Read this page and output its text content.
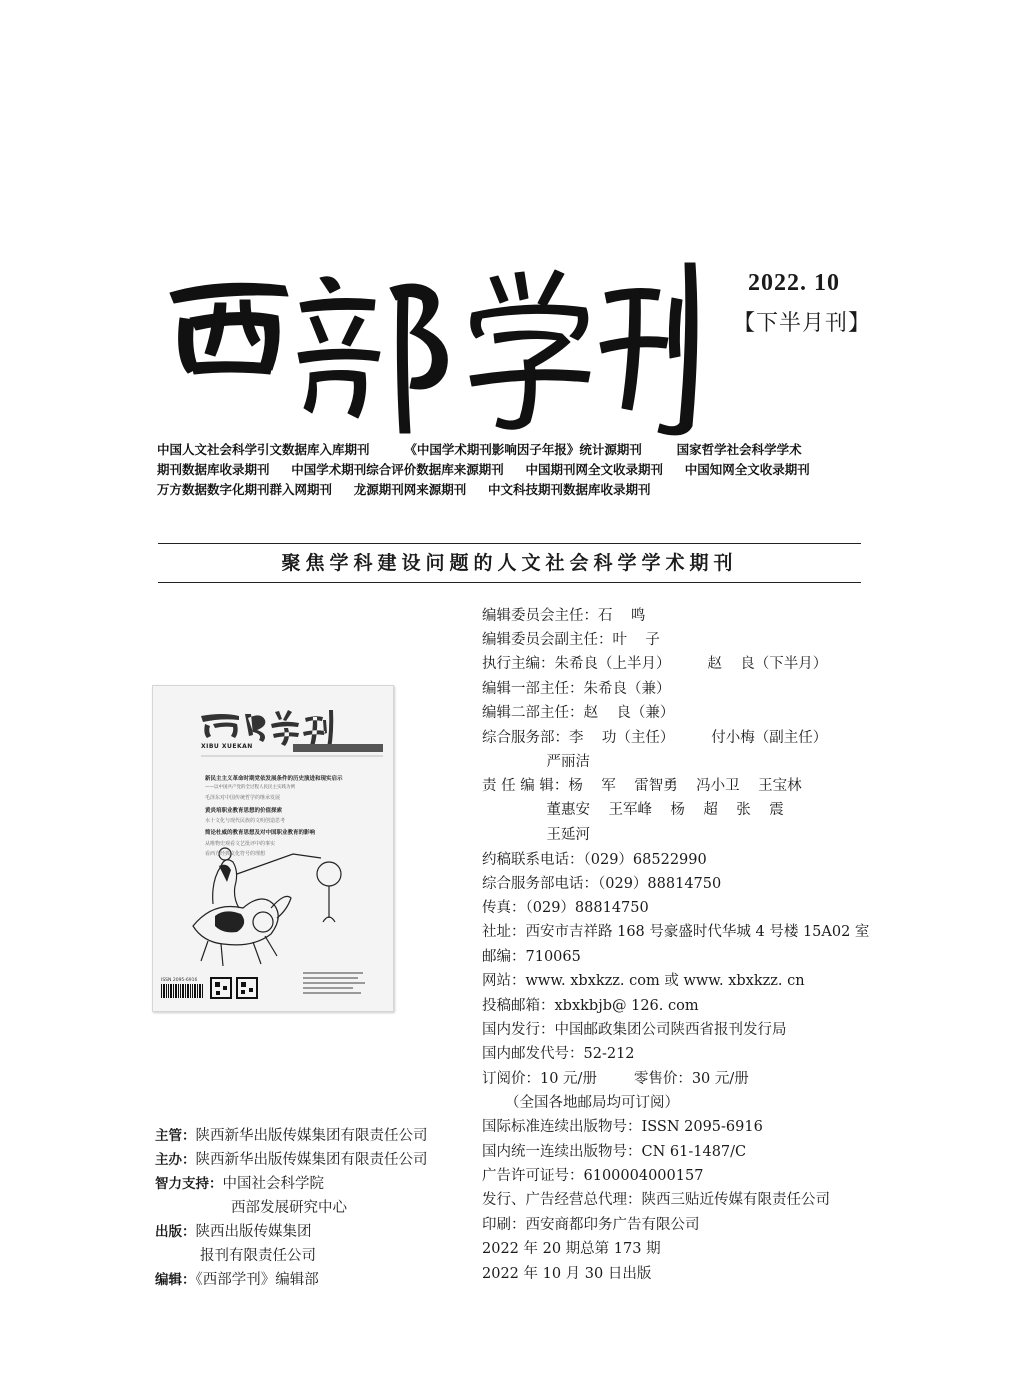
2022. 10
【下半月刊】
中国人文社会科学引文数据库入库期刊        《中国学术期刊影响因子年报》统计源期刊        国家哲学社会科学学术
期刊数据库收录期刊     中国学术期刊综合评价数据库来源期刊     中国期刊网全文收录期刊     中国知网全文收录期刊
万方数据数字化期刊群入网期刊     龙源期刊网来源期刊     中文科技期刊数据库收录期刊
聚焦学科建设问题的人文社会科学学术期刊
XIBU XUEKAN
新民主主义革命时期党依发展条件的历史演进和现实启示
——以中国共产党的全过程人民民主实践为例
毛泽东对中国传统哲学的继承发展
黄炎培职业教育思想的价值探索
水十文化与现代民族的文明创造思考
简论杜威的教育思想及对中国职业教育的影响
从唯物史观看文艺批评中的事实
看西方经典文化符号的理想
ISSN 2095-6916
编辑委员会主任：石    鸣
编辑委员会副主任：叶    子
执行主编：朱希良（上半月）        赵    良（下半月）
编辑一部主任：朱希良（兼）
编辑二部主任：赵    良（兼）
综合服务部：李    功（主任）        付小梅（副主任）
严丽洁
责 任 编 辑：杨    军    雷智勇    冯小卫    王宝林
董惠安    王军峰    杨    超    张    震
王延河
约稿联系电话：（029）68522990
综合服务部电话：（029）88814750
传真：（029）88814750
社址：西安市吉祥路 168 号豪盛时代华城 4 号楼 15A02 室
邮编：710065
网站：www. xbxkzz. com 或 www. xbxkzz. cn
投稿邮箱：xbxkbjb@ 126. com
国内发行：中国邮政集团公司陕西省报刊发行局
国内邮发代号：52-212
订阅价：10 元/册        零售价：30 元/册
（全国各地邮局均可订阅）
国际标准连续出版物号：ISSN 2095-6916
国内统一连续出版物号：CN 61-1487/C
广告许可证号：6100004000157
发行、广告经营总代理：陕西三贴近传媒有限责任公司
印刷：西安商都印务广告有限公司
2022 年 20 期总第 173 期
2022 年 10 月 30 日出版
主管：陕西新华出版传媒集团有限责任公司
主办：陕西新华出版传媒集团有限责任公司
智力支持：中国社会科学院
西部发展研究中心
出版：陕西出版传媒集团
报刊有限责任公司
编辑：《西部学刊》编辑部
